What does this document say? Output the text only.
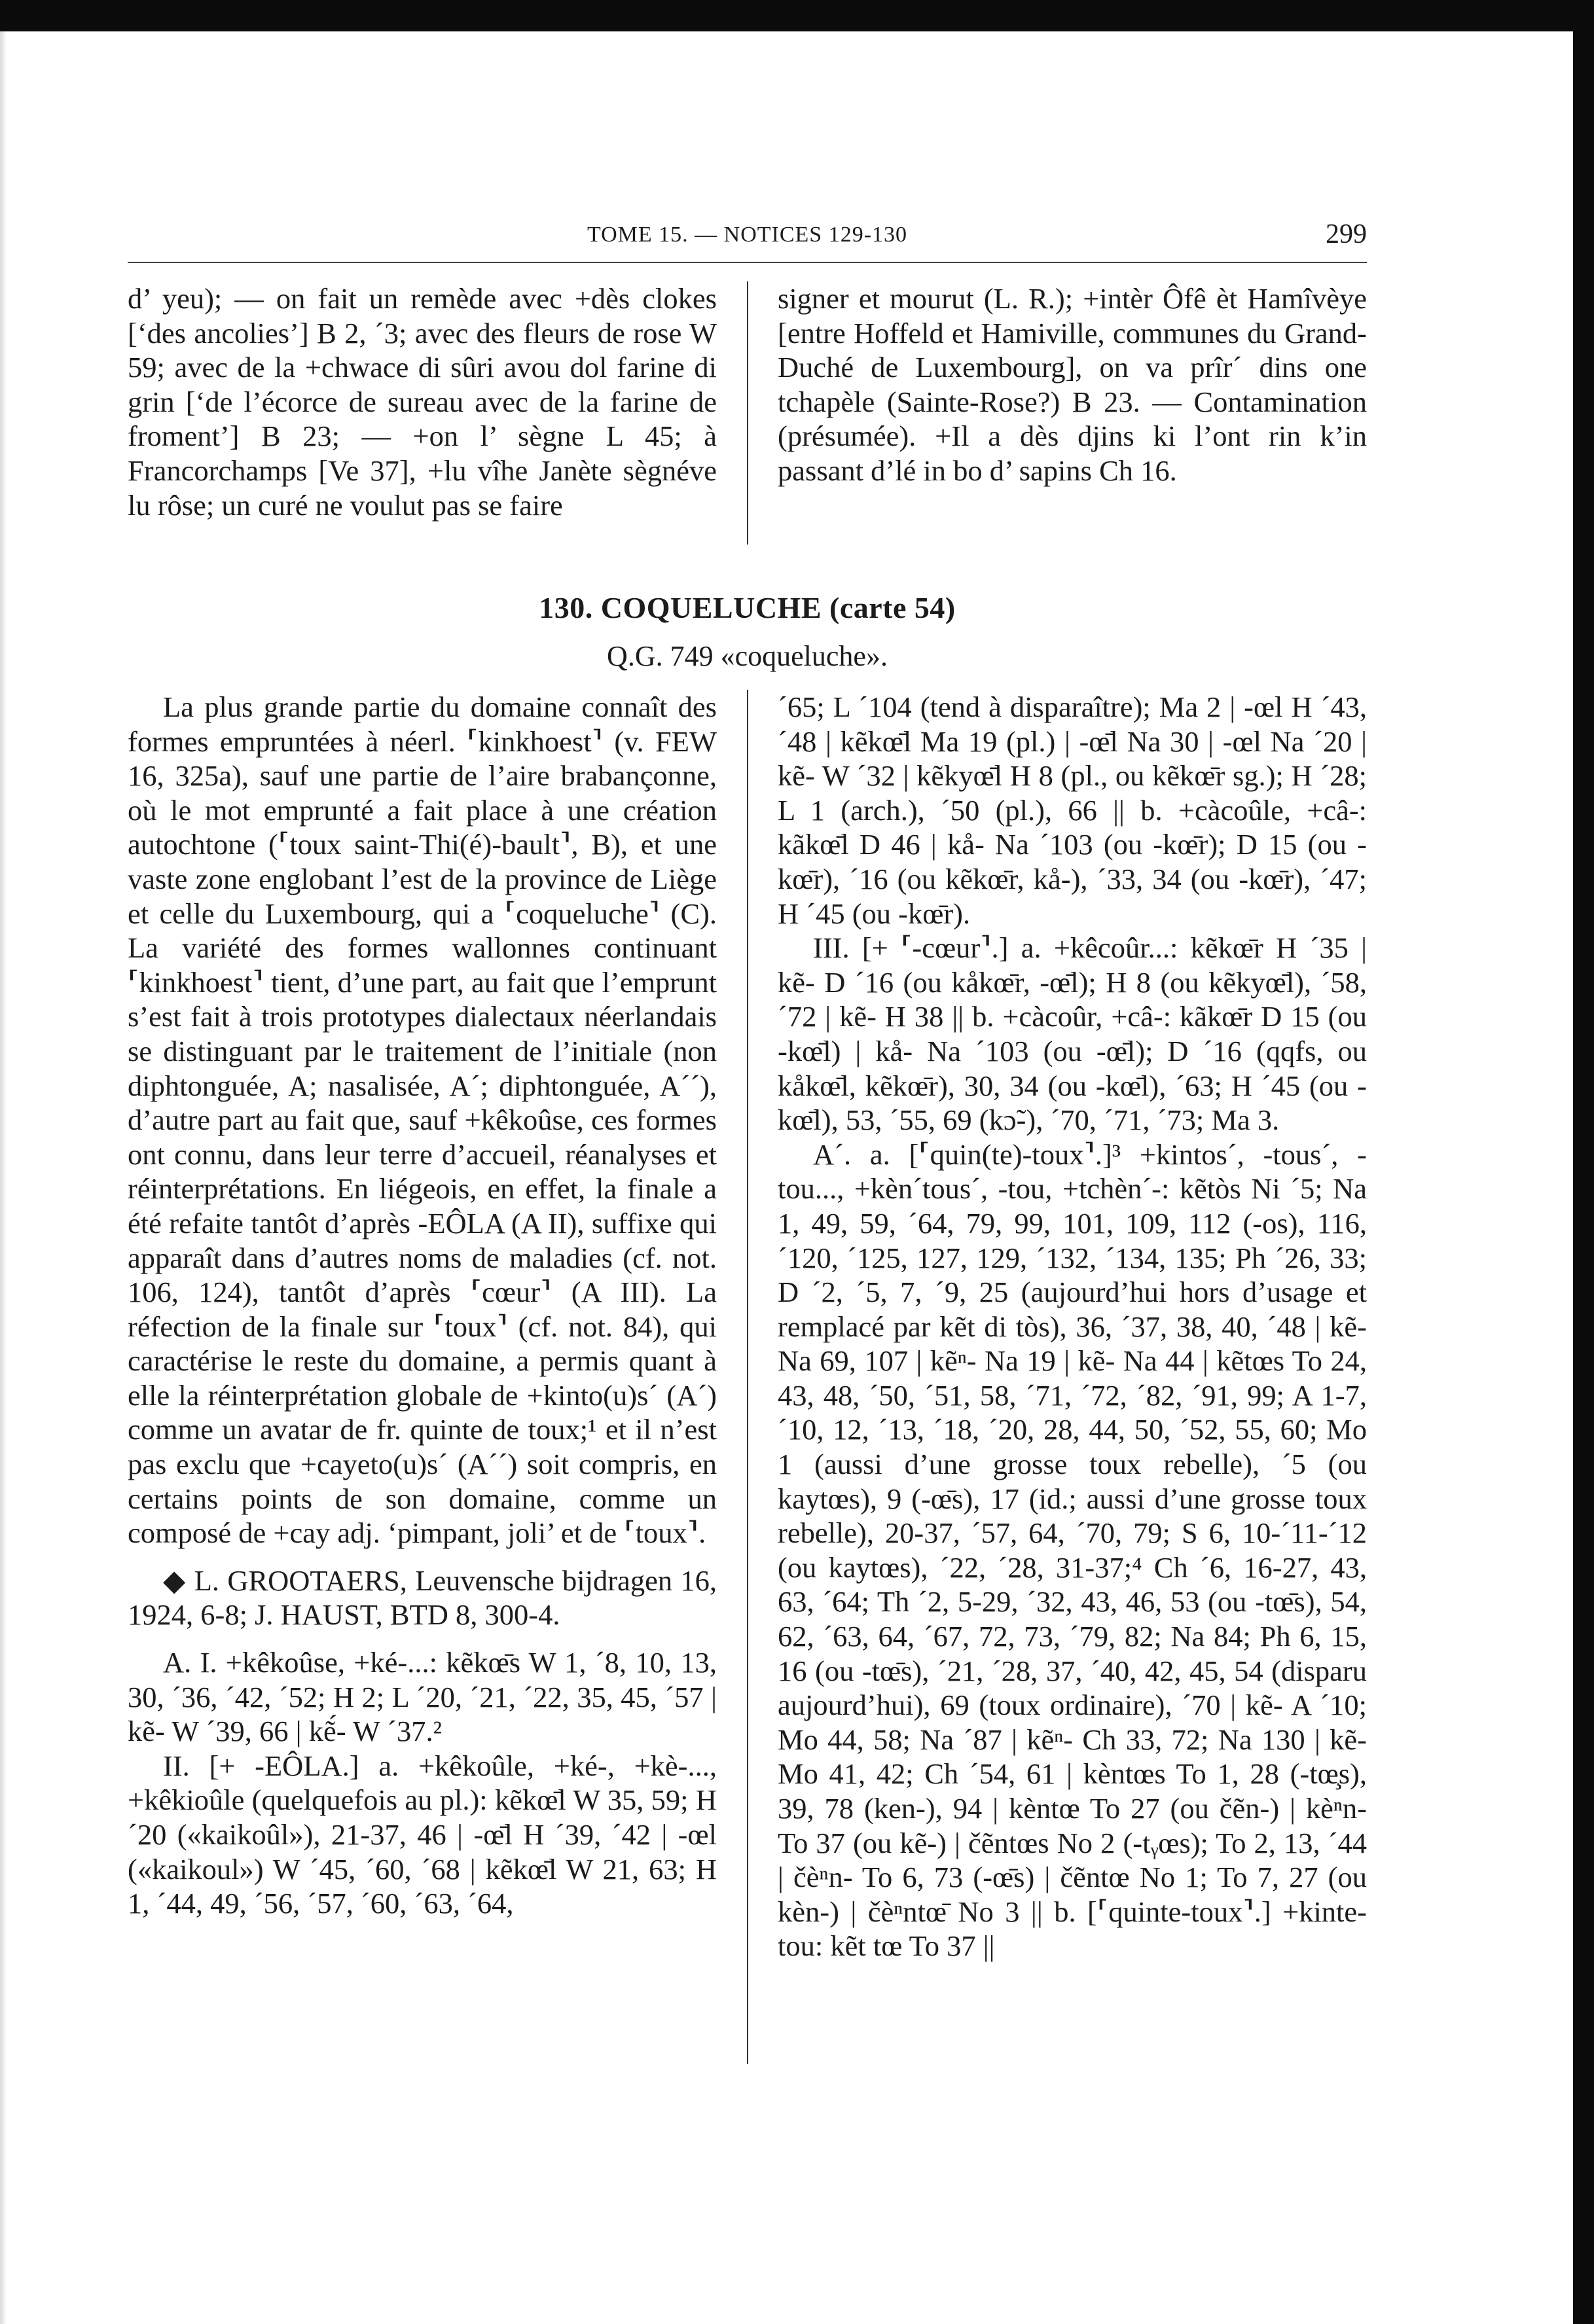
TOME 15. — NOTICES 129-130	299

d’ yeu); — on fait un remède avec +dès clokes [‘des ancolies’] B 2, ´3; avec des fleurs de rose W 59; avec de la +chwace di sûri avou dol farine di grin [‘de l’écorce de sureau avec de la farine de froment’] B 23; — +on l’ sègne L 45; à Francorchamps [Ve 37], +lu vîhe Janète sègnéve lu rôse; un curé ne voulut pas se faire

signer et mourut (L. R.); +intèr Ôfê èt Hamîvèye [entre Hoffeld et Hamiville, communes du Grand-Duché de Luxembourg], on va prîr´ dins one tchapèle (Sainte-Rose?) B 23. — Contamination (présumée). +Il a dès djins ki l’ont rin k’in passant d’lé in bo d’ sapins Ch 16.

130. COQUELUCHE (carte 54)
Q.G. 749 «coqueluche».

La plus grande partie du domaine connaît des formes empruntées à néerl. ⸢kinkhoest⸣ (v. FEW 16, 325a), sauf une partie de l’aire brabançonne, où le mot emprunté a fait place à une création autochtone (⸢toux saint-Thi(é)-bault⸣, B), et une vaste zone englobant l’est de la province de Liège et celle du Luxembourg, qui a ⸢coqueluche⸣ (C). La variété des formes wallonnes continuant ⸢kinkhoest⸣ tient, d’une part, au fait que l’emprunt s’est fait à trois prototypes dialectaux néerlandais se distinguant par le traitement de l’initiale (non diphtonguée, A; nasalisée, A´; diphtonguée, A´´), d’autre part au fait que, sauf +kêkoûse, ces formes ont connu, dans leur terre d’accueil, réanalyses et réinterprétations. En liégeois, en effet, la finale a été refaite tantôt d’après -EÔLA (A II), suffixe qui apparaît dans d’autres noms de maladies (cf. not. 106, 124), tantôt d’après ⸢cœur⸣ (A III). La réfection de la finale sur ⸢toux⸣ (cf. not. 84), qui caractérise le reste du domaine, a permis quant à elle la réinterprétation globale de +kinto(u)s´ (A´) comme un avatar de fr. quinte de toux;¹ et il n’est pas exclu que +cayeto(u)s´ (A´´) soit compris, en certains points de son domaine, comme un composé de +cay adj. ‘pimpant, joli’ et de ⸢toux⸣.

◆ L. GROOTAERS, Leuvensche bijdragen 16, 1924, 6-8; J. HAUST, BTD 8, 300-4.

A. I. +kêkoûse, +ké-...: kẽkœ̄s W 1, ´8, 10, 13, 30, ´36, ´42, ´52; H 2; L ´20, ´21, ´22, 35, 45, ´57 | kẽ- W ´39, 66 | kẽ́- W ´37.²

II. [+ -EÔLA.] a. +kêkoûle, +ké-, +kè-..., +kêkioûle (quelquefois au pl.): kẽkœ̄l W 35, 59; H ´20 («kaikoûl»), 21-37, 46 | -œ̄l H ´39, ´42 | -œl («kaikoul») W ´45, ´60, ´68 | kẽkœ̄l W 21, 63; H 1, ´44, 49, ´56, ´57, ´60, ´63, ´64,

´65; L ´104 (tend à disparaître); Ma 2 | -œl H ´43, ´48 | kẽkœ̄l Ma 19 (pl.) | -œ̄l Na 30 | -œl Na ´20 | kẽ- W ´32 | kẽkyœ̄l H 8 (pl., ou kẽkœ̄r sg.); H ´28; L 1 (arch.), ´50 (pl.), 66 || b. +càcoûle, +câ-: kãkœ̄l D 46 | kå- Na ´103 (ou -kœ̄r); D 15 (ou -kœ̄r), ´16 (ou kẽkœ̄r, kå-), ´33, 34 (ou -kœ̄r), ´47; H ´45 (ou -kœ̄r).

III. [+ ⸢-cœur⸣.] a. +kêcoûr...: kẽkœ̄r H ´35 | kẽ- D ´16 (ou kåkœ̄r, -œ̄l); H 8 (ou kẽkyœ̄l), ´58, ´72 | kẽ- H 38 || b. +càcoûr, +câ-: kãkœ̄r D 15 (ou -kœ̄l) | kå- Na ´103 (ou -œ̄l); D ´16 (qqfs, ou kåkœ̄l, kẽkœ̄r), 30, 34 (ou -kœ̄l), ´63; H ´45 (ou -kœ̄l), 53, ´55, 69 (kɔ̃-), ´70, ´71, ´73; Ma 3.

A´. a. [⸢quin(te)-toux⸣.]³ +kintos´, -tous´, -tou..., +kèn´tous´, -tou, +tchèn´-: kẽtòs Ni ´5; Na 1, 49, 59, ´64, 79, 99, 101, 109, 112 (-os), 116, ´120, ´125, 127, 129, ´132, ´134, 135; Ph ´26, 33; D ´2, ´5, 7, ´9, 25 (aujourd’hui hors d’usage et remplacé par kẽt di tòs), 36, ´37, 38, 40, ´48 | kẽ- Na 69, 107 | kẽⁿ- Na 19 | kẽ- Na 44 | kẽtœs To 24, 43, 48, ´50, ´51, 58, ´71, ´72, ´82, ´91, 99; A 1-7, ´10, 12, ´13, ´18, ´20, 28, 44, 50, ´52, 55, 60; Mo 1 (aussi d’une grosse toux rebelle), ´5 (ou kaytœs), 9 (-œ̄s), 17 (id.; aussi d’une grosse toux rebelle), 20-37, ´57, 64, ´70, 79; S 6, 10-´11-´12 (ou kaytœs), ´22, ´28, 31-37;⁴ Ch ´6, 16-27, 43, 63, ´64; Th ´2, 5-29, ´32, 43, 46, 53 (ou -tœ̄s), 54, 62, ´63, 64, ´67, 72, 73, ´79, 82; Na 84; Ph 6, 15, 16 (ou -tœ̄s), ´21, ´28, 37, ´40, 42, 45, 54 (disparu aujourd’hui), 69 (toux ordinaire), ´70 | kẽ- A ´10; Mo 44, 58; Na ´87 | kẽⁿ- Ch 33, 72; Na 130 | kẽ- Mo 41, 42; Ch ´54, 61 | kèntœs To 1, 28 (-tœ̧s), 39, 78 (ken-), 94 | kèntœ To 27 (ou čẽn-) | kèⁿn- To 37 (ou kẽ-) | čẽntœs No 2 (-tᵧœs); To 2, 13, ´44 | čèⁿn- To 6, 73 (-œ̄s) | čẽntœ No 1; To 7, 27 (ou kèn-) | čèⁿntœ̄ No 3 || b. [⸢quinte-toux⸣.] +kinte-tou: kẽt tœ To 37 ||
